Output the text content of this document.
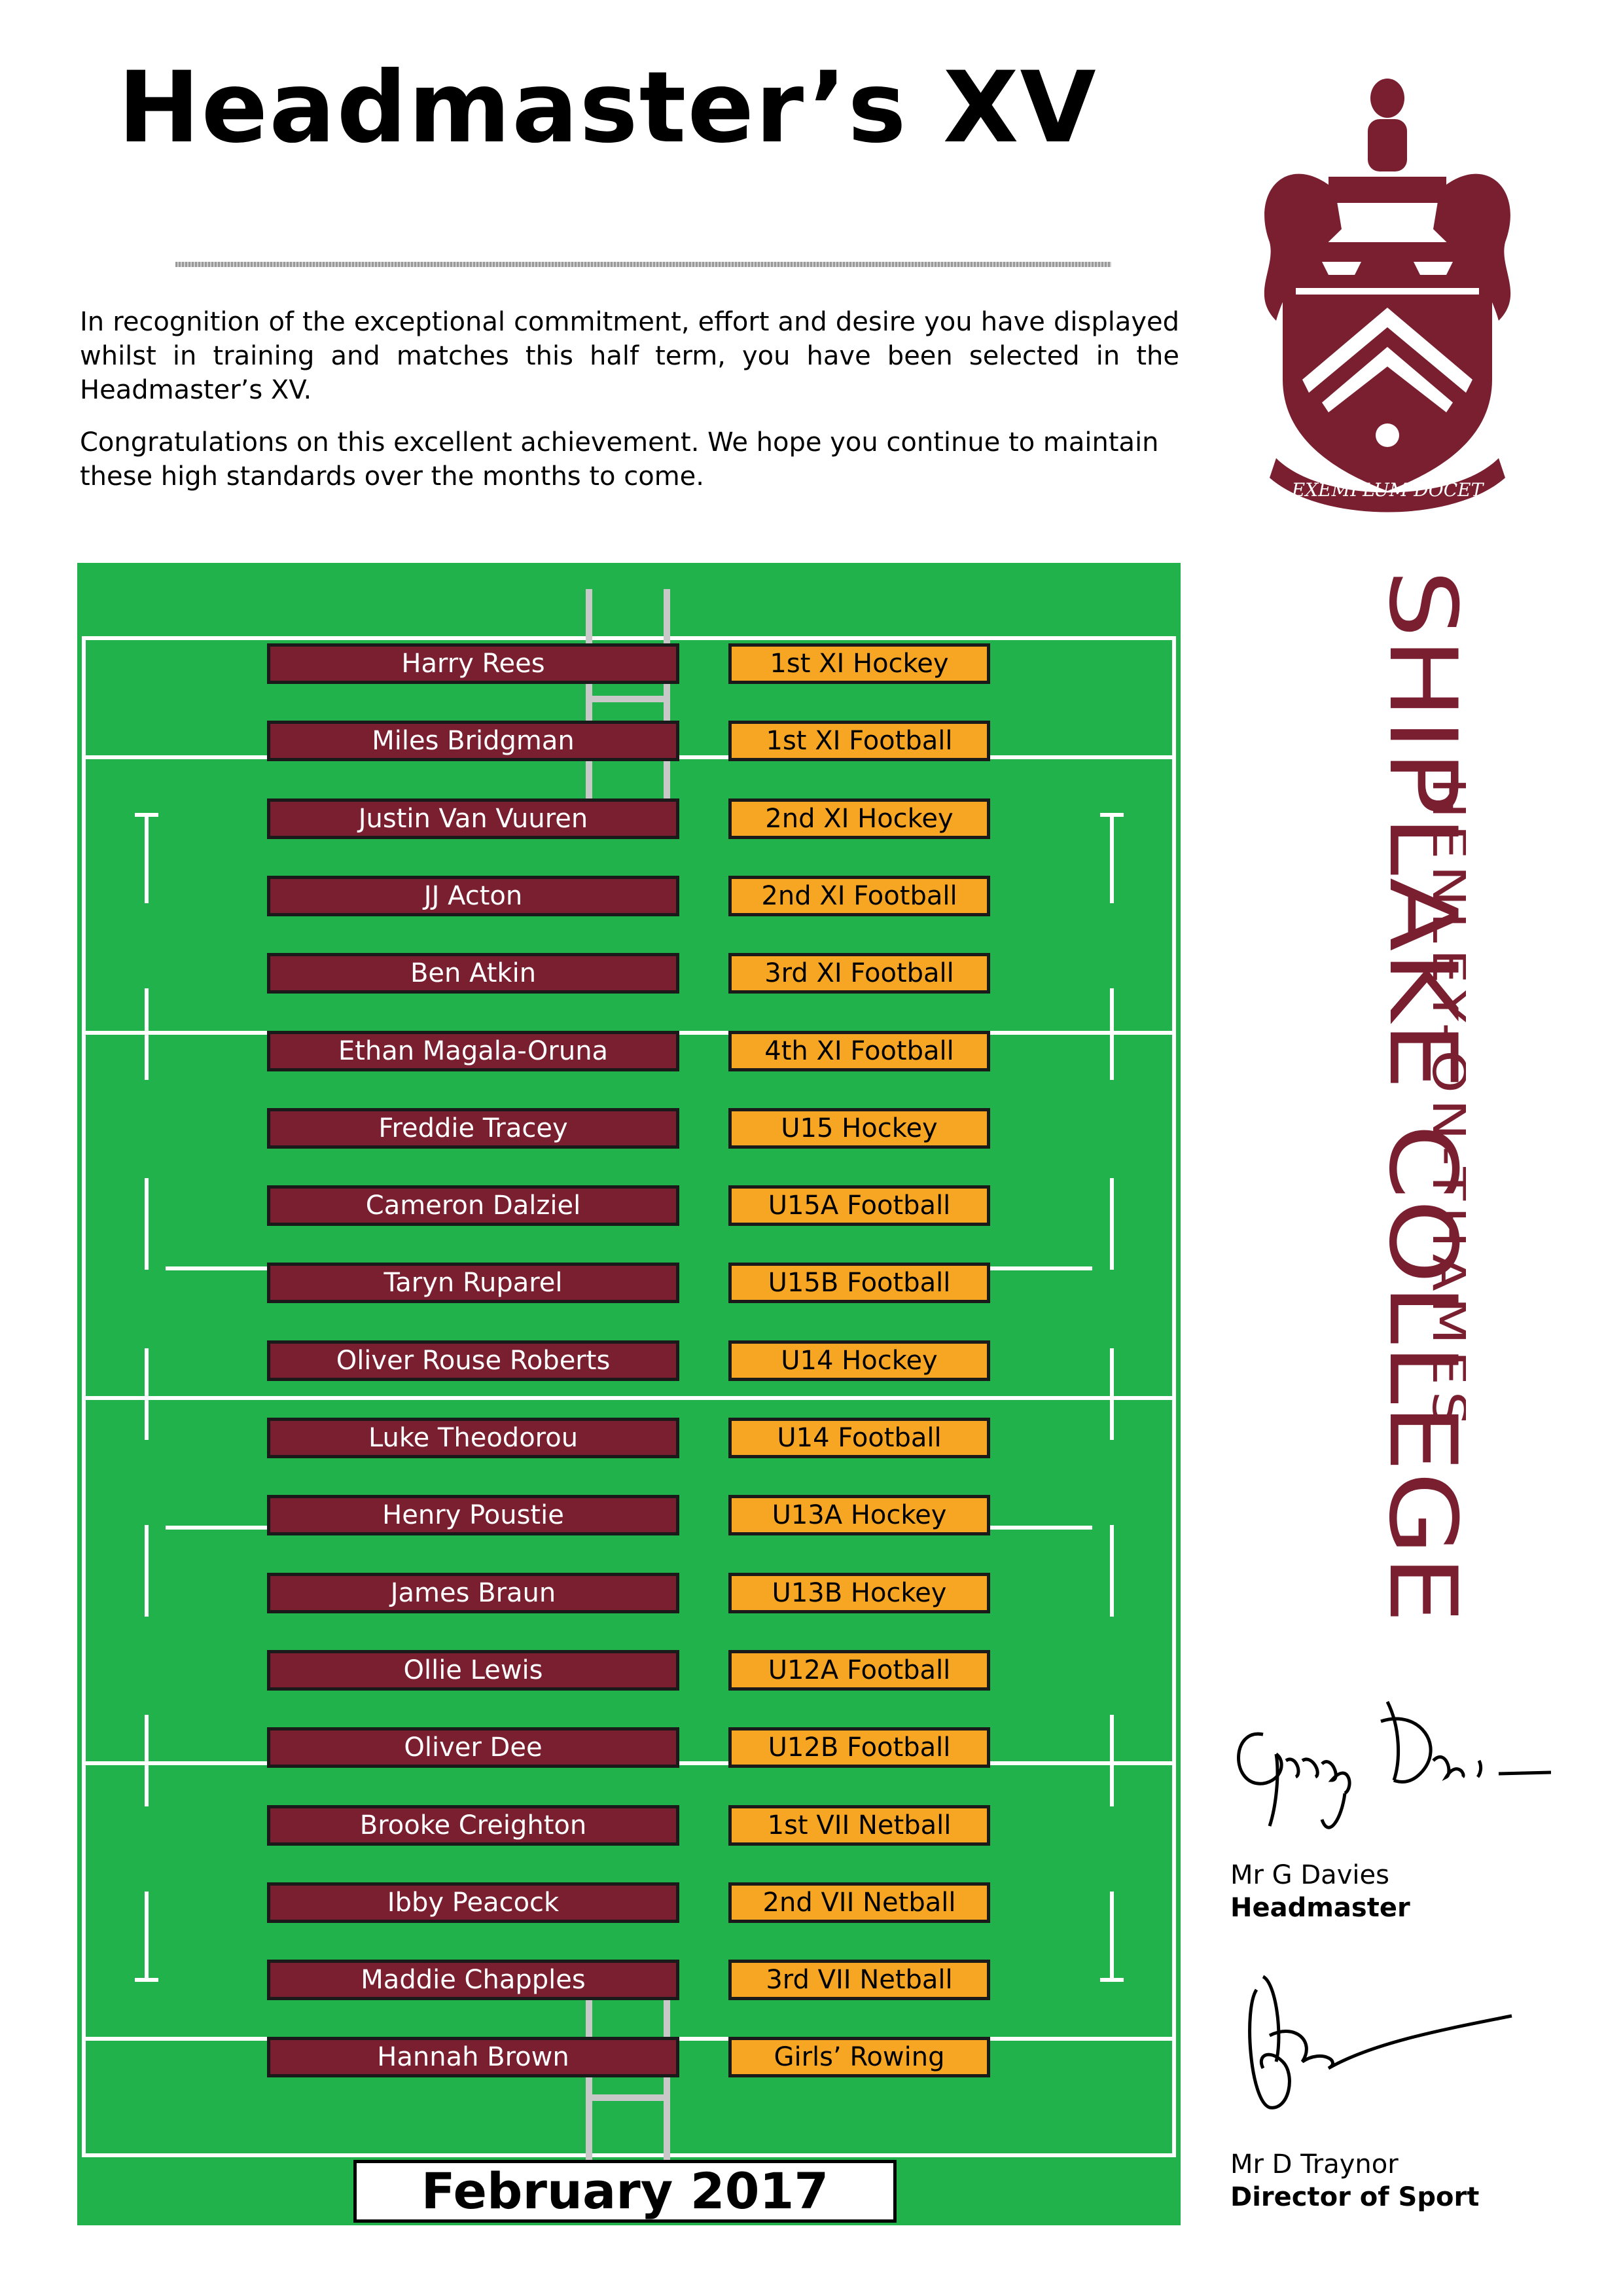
Headmaster’s XV
In recognition of the exceptional commitment, effort and desire you have displayed whilst in training and matches this half term, you have been selected in the Headmaster’s XV.
Congratulations on this excellent achievement. We hope you continue to maintain these high standards over the months to come.
Harry Rees	1st XI Hockey
Miles Bridgman	1st XI Football
Justin Van Vuuren	2nd XI Hockey
JJ Acton	2nd XI Football
Ben Atkin	3rd XI Football
Ethan Magala-Oruna	4th XI Football
Freddie Tracey	U15 Hockey
Cameron Dalziel	U15A Football
Taryn Ruparel	U15B Football
Oliver Rouse Roberts	U14 Hockey
Luke Theodorou	U14 Football
Henry Poustie	U13A Hockey
James Braun	U13B Hockey
Ollie Lewis	U12A Football
Oliver Dee	U12B Football
Brooke Creighton	1st VII Netball
Ibby Peacock	2nd VII Netball
Maddie Chapples	3rd VII Netball
Hannah Brown	Girls’ Rowing
February 2017
EXEMPLUM DOCET
SHIPLAKE COLLEGE
HENLEY-ON-THAMES
Mr G Davies
Headmaster
Mr D Traynor
Director of Sport
